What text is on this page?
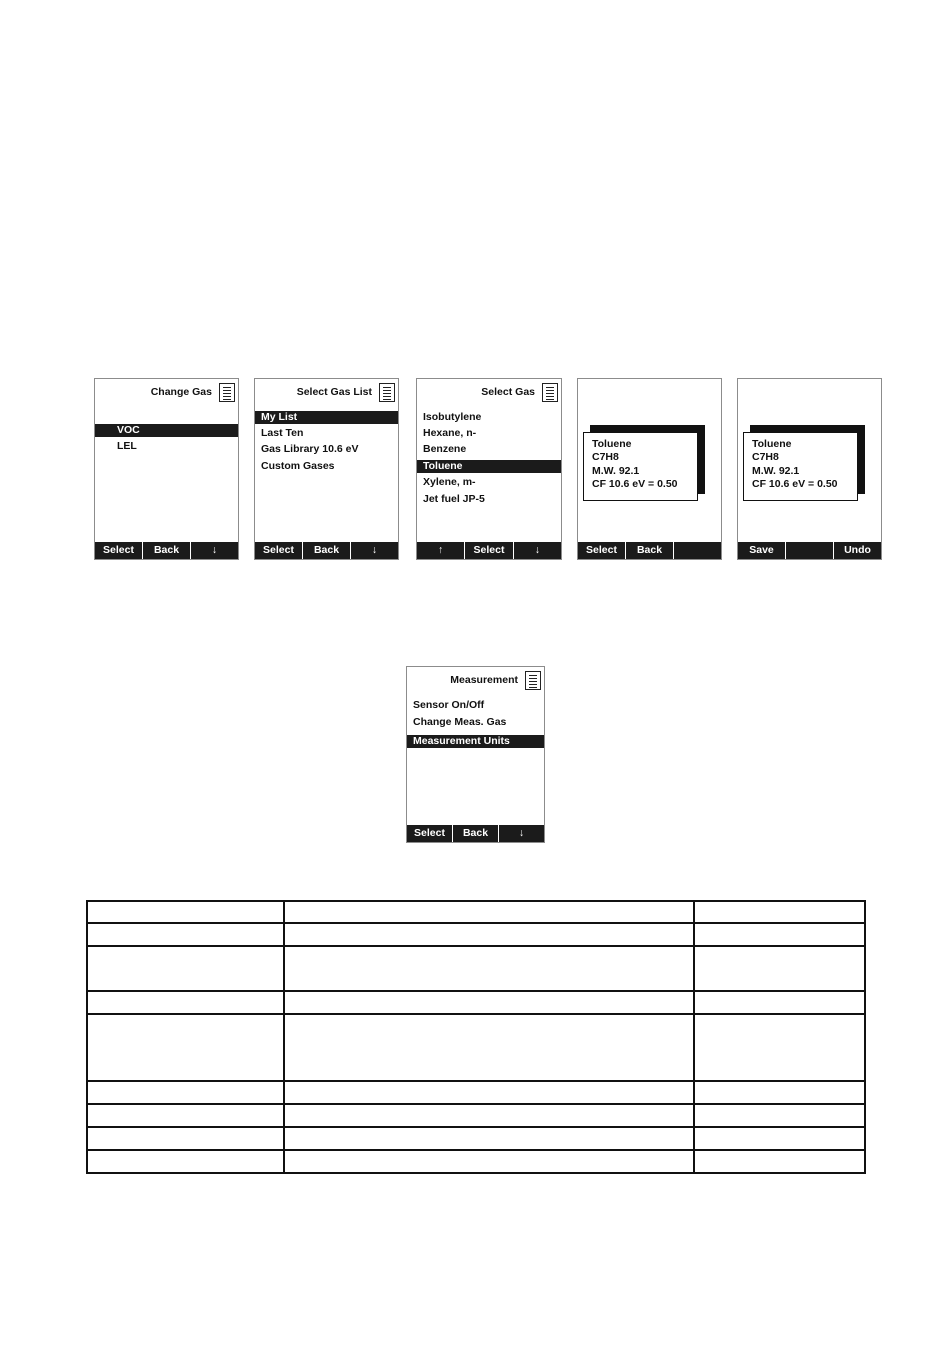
Change Gas
VOC
LEL
Select	Back	↓
Select Gas List
My List
Last Ten
Gas Library 10.6 eV
Custom Gases
Select	Back	↓
Select Gas
Isobutylene
Hexane, n-
Benzene
Toluene
Xylene, m-
Jet fuel JP-5
↑	Select	↓
Toluene
C7H8
M.W. 92.1
CF 10.6 eV = 0.50
Select	Back
Toluene
C7H8
M.W. 92.1
CF 10.6 eV = 0.50
Save	Undo
Measurement
Sensor On/Off
Change Meas. Gas
Measurement Units
Select	Back	↓
